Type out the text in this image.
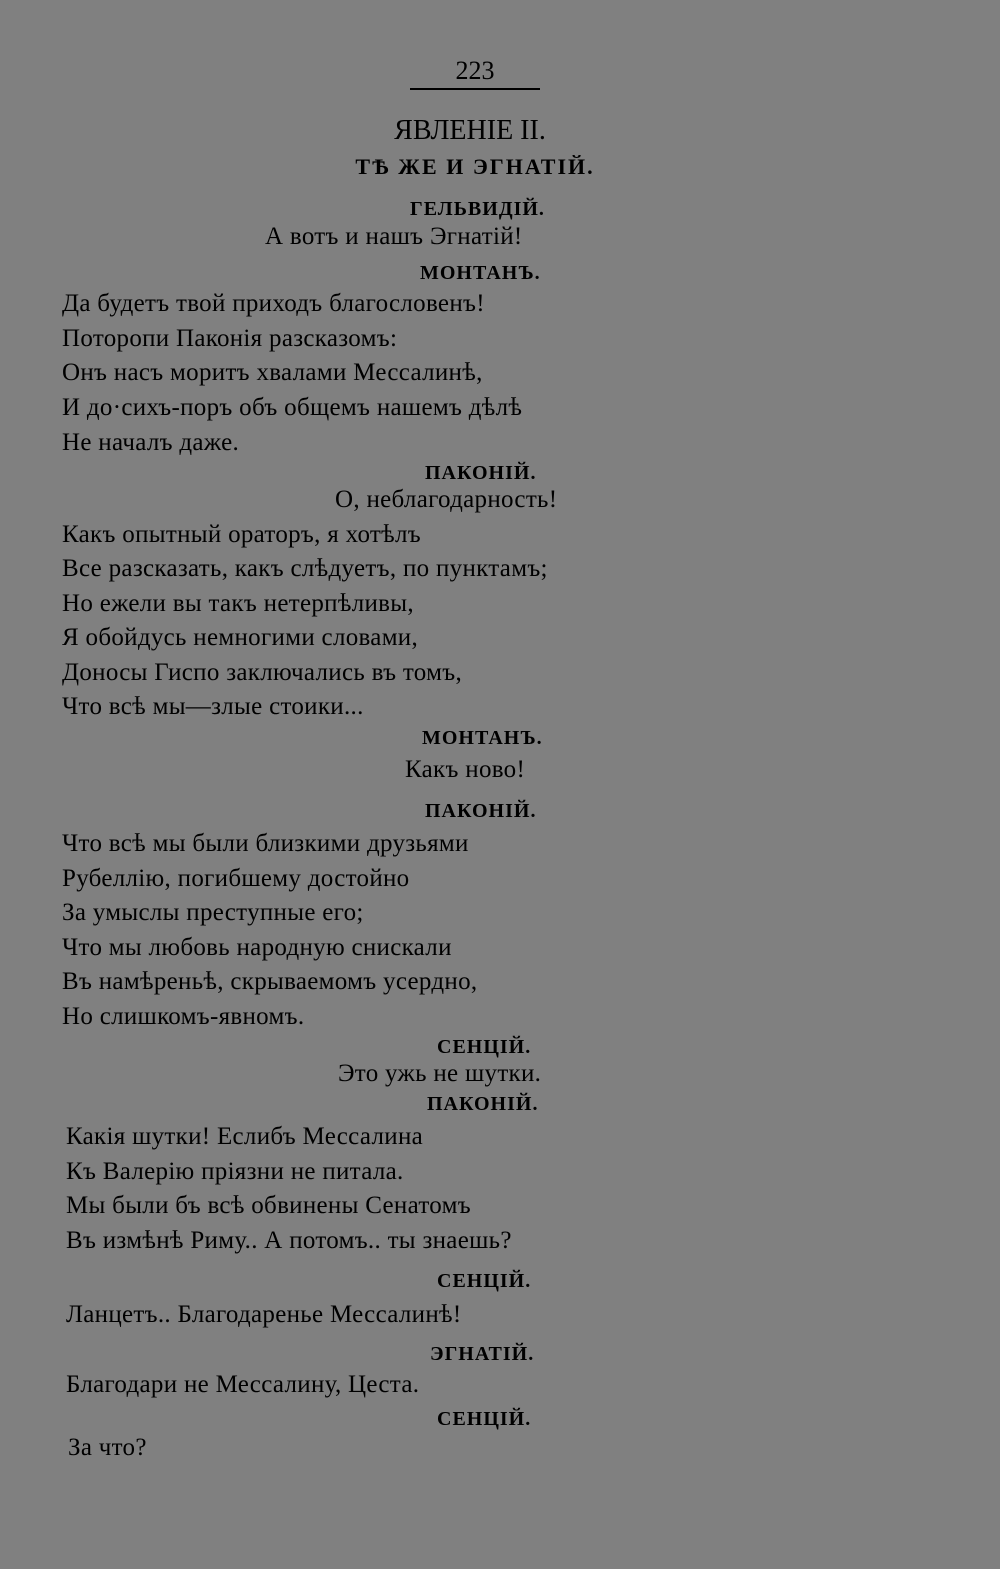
223
ЯВЛЕНІЕ II.
ТѢ ЖЕ И ЭГНАТІЙ.
ГЕЛЬВИДІЙ.
А вотъ и нашъ Эгнатій!
МОНТАНЪ.
Да будетъ твой приходъ благословенъ!
Поторопи Паконія разсказомъ:
Онъ насъ моритъ хвалами Мессалинѣ,
И до·сихъ-поръ объ общемъ нашемъ дѣлѣ
Не началъ даже.
ПАКОНІЙ.
О, неблагодарность!
Какъ опытный ораторъ, я хотѣлъ
Все разсказать, какъ слѣдуетъ, по пунктамъ;
Но ежели вы такъ нетерпѣливы,
Я обойдусь немногими словами,
Доносы Гиспо заключались въ томъ,
Что всѣ мы—злые стоики...
МОНТАНЪ.
Какъ ново!
ПАКОНІЙ.
Что всѣ мы были близкими друзьями
Рубеллію, погибшему достойно
За умыслы преступные его;
Что мы любовь народную снискали
Въ намѣреньѣ, скрываемомъ усердно,
Но слишкомъ-явномъ.
СЕНЦІЙ.
Это ужь не шутки.
ПАКОНІЙ.
Какія шутки! Еслибъ Мессалина
Къ Валерію пріязни не питала.
Мы были бъ всѣ обвинены Сенатомъ
Въ измѣнѣ Риму.. А потомъ.. ты знаешь?
СЕНЦІЙ.
Ланцетъ.. Благодаренье Мессалинѣ!
ЭГНАТІЙ.
Благодари не Мессалину, Цеста.
СЕНЦІЙ.
За что?
